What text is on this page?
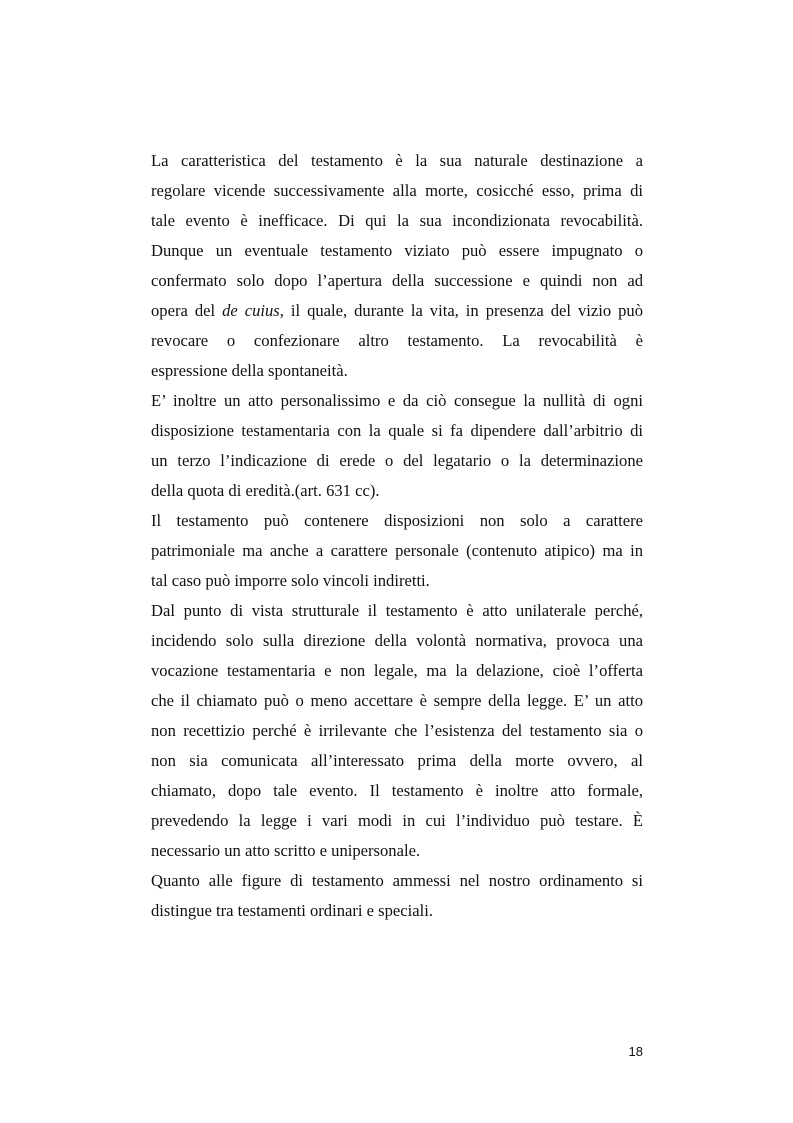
La caratteristica del testamento è la sua naturale destinazione a
regolare vicende successivamente alla morte, cosicché esso, prima di
tale evento è inefficace. Di qui la sua incondizionata revocabilità.
Dunque un eventuale testamento viziato può essere impugnato o
confermato solo dopo l’apertura della successione e quindi non ad
opera del de cuius, il quale, durante la vita, in presenza del vizio può
revocare o confezionare altro testamento. La revocabilità è
espressione della spontaneità.
E’ inoltre un atto personalissimo e da ciò consegue la nullità di ogni
disposizione testamentaria con la quale si fa dipendere dall’arbitrio di
un terzo l’indicazione di erede o del legatario o la determinazione
della quota di eredità.(art. 631 cc).
Il testamento può contenere disposizioni non solo a carattere
patrimoniale ma anche a carattere personale (contenuto atipico) ma in
tal caso può imporre solo vincoli indiretti.
Dal punto di vista strutturale il testamento è atto unilaterale perché,
incidendo solo sulla direzione della volontà normativa, provoca una
vocazione testamentaria e non legale, ma la delazione, cioè l’offerta
che il chiamato può o meno accettare è sempre della legge. E’ un atto
non recettizio perché è irrilevante che l’esistenza del testamento sia o
non sia comunicata all’interessato prima della morte ovvero, al
chiamato, dopo tale evento. Il testamento è inoltre atto formale,
prevedendo la legge i vari modi in cui l’individuo può testare. È
necessario un atto scritto e unipersonale.
Quanto alle figure di testamento ammessi nel nostro ordinamento si
distingue tra testamenti ordinari e speciali.
18
